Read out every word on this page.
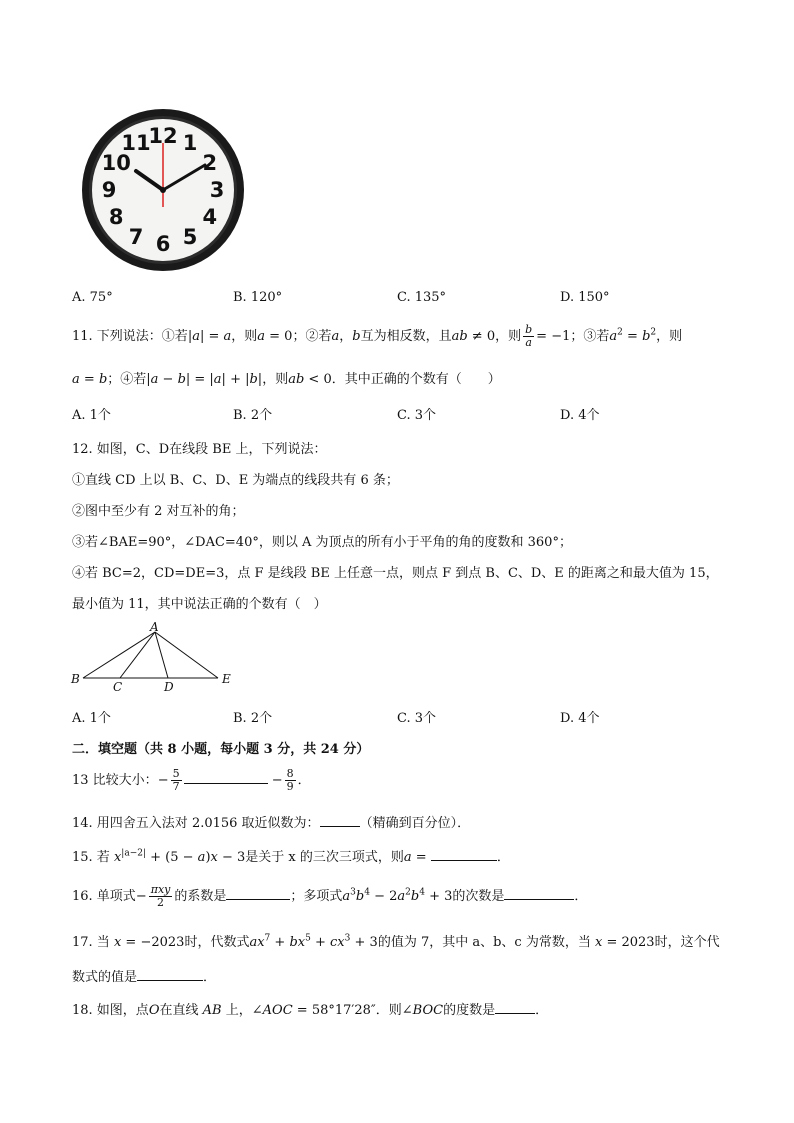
12 1
2
3
4
5
6
7
8
9
10
11
A. 75°	B. 120°	C. 135°	D. 150°
11. 下列说法：①若|a| = a，则a = 0；②若a，b互为相反数，且ab ≠ 0，则 $\frac{b}{a} = -1$；③若$a^2 = b^2$，则
a = b；④若|a − b| = |a| + |b|，则ab < 0．其中正确的个数有（　　）
A. 1个	B. 2个	C. 3个	D. 4个
12. 如图，C、D在线段 BE 上，下列说法：
①直线 CD 上以 B、C、D、E 为端点的线段共有 6 条；
②图中至少有 2 对互补的角；
③若∠BAE=90°，∠DAC=40°，则以 A 为顶点的所有小于平角的角的度数和 360°；
④若 BC=2，CD=DE=3，点 F 是线段 BE 上任意一点，则点 F 到点 B、C、D、E 的距离之和最大值为 15，
最小值为 11，其中说法正确的个数有（　）
A
B
C	D
E
A. 1个	B. 2个	C. 3个	D. 4个
二．填空题（共 8 小题，每小题 3 分，共 24 分）
13 比较大小：− $\frac{5}{7}$	− $\frac{8}{9}$ ．
14. 用四舍五入法对 2.0156 取近似数为：	（精确到百分位）．
15. 若 $x^{|a-2|} + (5 - a)x - 3$是关于 x 的三次三项式，则a =	．
16. 单项式− $\frac{\text{πxy}}{2}$ 的系数是	；多项式$a^3b^4 - 2a^2b^4 + 3$的次数是	．
17. 当 x = −2023时，代数式$ax^7 + bx^5 + cx^3 + 3$的值为 7，其中 a、b、c 为常数，当 x = 2023时，这个代
数式的值是	．
18. 如图，点O在直线 AB 上，∠AOC = 58°17′28″．则∠BOC的度数是	．
